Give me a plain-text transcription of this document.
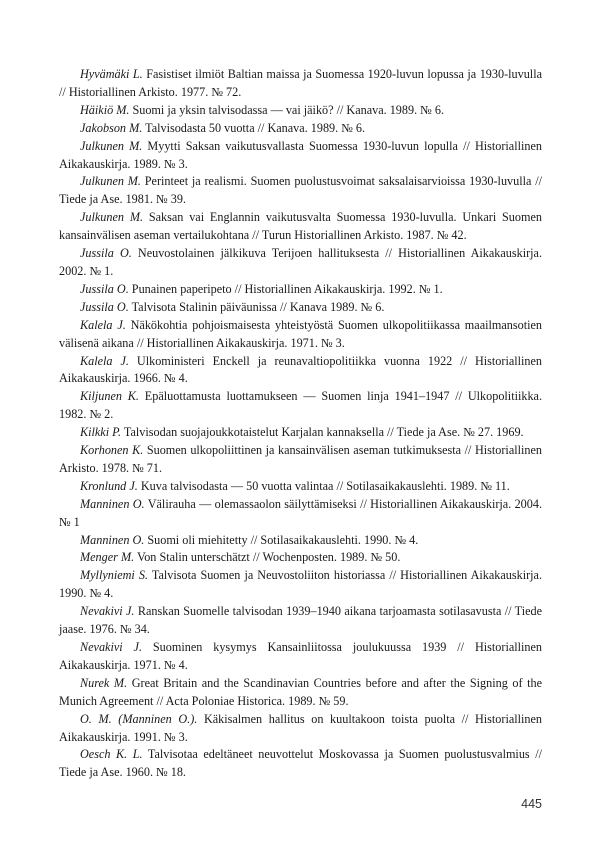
Hyvämäki L. Fasistiset ilmiöt Baltian maissa ja Suomessa 1920-luvun lopussa ja 1930-luvulla // Historiallinen Arkisto. 1977. № 72.

Häikiö M. Suomi ja yksin talvisodassa — vai jäikö? // Kanava. 1989. № 6.

Jakobson M. Talvisodasta 50 vuotta // Kanava. 1989. № 6.

Julkunen M. Myytti Saksan vaikutusvallasta Suomessa 1930-luvun lopulla // Historiallinen Aikakauskirja. 1989. № 3.

Julkunen M. Perinteet ja realismi. Suomen puolustusvoimat saksalaisarvioissa 1930-luvulla // Tiede ja Ase. 1981. № 39.

Julkunen M. Saksan vai Englannin vaikutusvalta Suomessa 1930-luvulla. Unkari Suomen kansainvälisen aseman vertailukohtana // Turun Historiallinen Arkisto. 1987. № 42.

Jussila O. Neuvostolainen jälkikuva Terijoen hallituksesta // Historiallinen Aikakauskirja. 2002. № 1.

Jussila O. Punainen paperipeto // Historiallinen Aikakauskirja. 1992. № 1.

Jussila O. Talvisota Stalinin päiväunissa // Kanava 1989. № 6.

Kalela J. Näkökohtia pohjoismaisesta yhteistyöstä Suomen ulkopolitiikassa maailmansotien välisenä aikana // Historiallinen Aikakauskirja. 1971. № 3.

Kalela J. Ulkoministeri Enckell ja reunavaltiopolitiikka vuonna 1922 // Historiallinen Aikakauskirja. 1966. № 4.

Kiljunen K. Epäluottamusta luottamukseen — Suomen linja 1941–1947 // Ulkopolitiikka. 1982. № 2.

Kilkki P. Talvisodan suojajoukkotaistelut Karjalan kannaksella // Tiede ja Ase. № 27. 1969.

Korhonen K. Suomen ulkopoliittinen ja kansainvälisen aseman tutkimuksesta // Historiallinen Arkisto. 1978. № 71.

Kronlund J. Kuva talvisodasta — 50 vuotta valintaa // Sotilasaikakauslehti. 1989. № 11.

Manninen O. Välirauha — olemassaolon säilyttämiseksi // Historiallinen Aikakauskirja. 2004. № 1

Manninen O. Suomi oli miehitetty // Sotilasaikakauslehti. 1990. № 4.

Menger M. Von Stalin unterschätzt // Wochenposten. 1989. № 50.

Myllyniemi S. Talvisota Suomen ja Neuvostoliiton historiassa // Historiallinen Aikakauskirja. 1990. № 4.

Nevakivi J. Ranskan Suomelle talvisodan 1939–1940 aikana tarjoamasta sotilasavusta // Tiede jaase. 1976. № 34.

Nevakivi J. Suominen kysymys Kansainliitossa joulukuussa 1939 // Historiallinen Aikakauskirja. 1971. № 4.

Nurek M. Great Britain and the Scandinavian Countries before and after the Signing of the Munich Agreement // Acta Poloniae Historica. 1989. № 59.

O. M. (Manninen O.). Käkisalmen hallitus on kuultakoon toista puolta // Historiallinen Aikakauskirja. 1991. № 3.

Oesch K. L. Talvisotaa edeltäneet neuvottelut Moskovassa ja Suomen puolustusvalmius // Tiede ja Ase. 1960. № 18.

445
